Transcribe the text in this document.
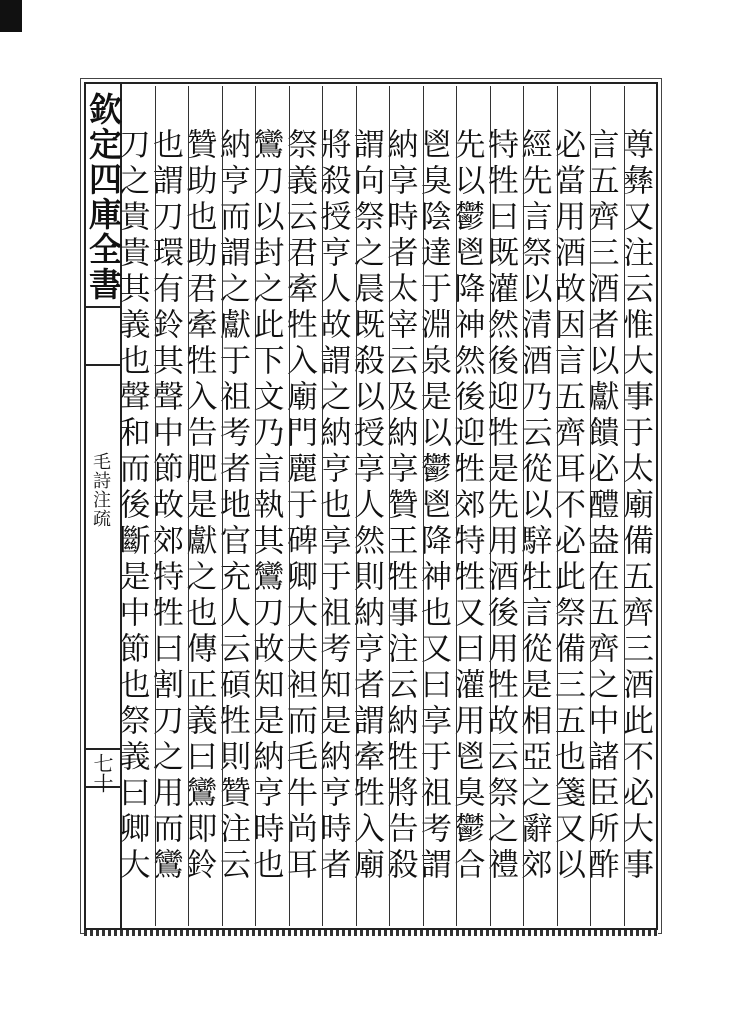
欽定四庫全書
毛詩注疏
七十	尊彝又注云惟大事于太廟備五齊三酒此不必大事
言五齊三酒者以獻饋必醴盎在五齊之中諸臣所酢
必當用酒故因言五齊耳不必此祭備三五也箋又以
經先言祭以清酒乃云從以騂牡言從是相亞之辭郊
特牲曰既灌然後迎牲是先用酒後用牲故云祭之禮
先以鬱鬯降神然後迎牲郊特牲又曰灌用鬯臭鬱合
鬯臭陰達于淵泉是以鬱鬯降神也又曰享于祖考謂
納享時者太宰云及納享贊王牲事注云納牲將告殺
謂向祭之晨既殺以授享人然則納亨者謂牽牲入廟
將殺授亨人故謂之納亨也享于祖考知是納亨時者
祭義云君牽牲入廟門麗于碑卿大夫袒而毛牛尚耳
鸞刀以封之此下文乃言執其鸞刀故知是納亨時也
納亨而謂之獻于祖考者地官充人云碩牲則贊注云
贊助也助君牽牲入告肥是獻之也傳正義曰鸞即鈴
也謂刀環有鈴其聲中節故郊特牲曰割刀之用而鸞
刀之貴貴其義也聲和而後斷是中節也祭義曰卿大
